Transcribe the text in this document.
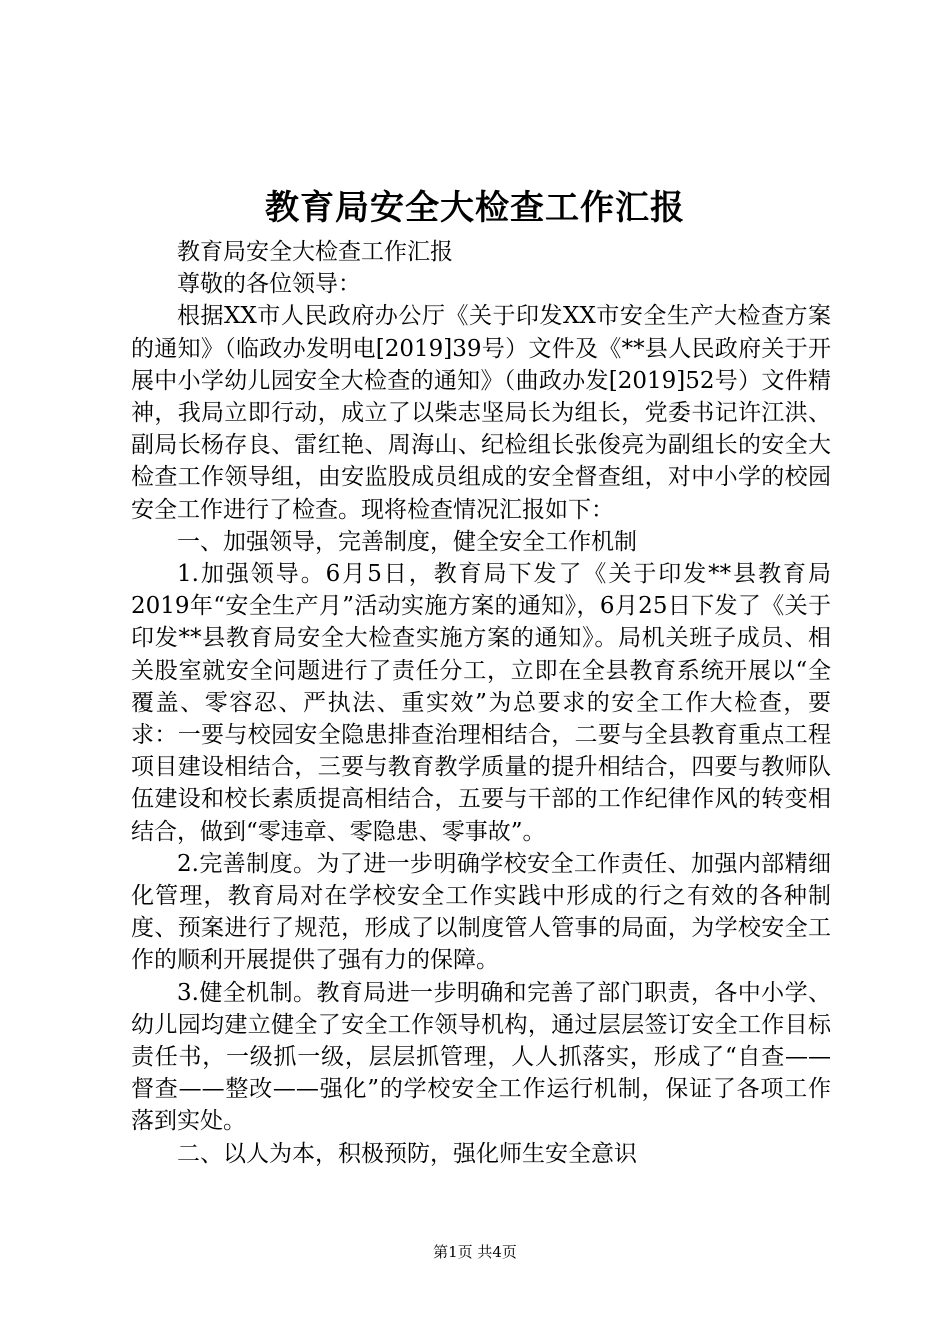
教育局安全大检查工作汇报

教育局安全大检查工作汇报

尊敬的各位领导：

根据XX市人民政府办公厅《关于印发XX市安全生产大检查方案的通知》（临政办发明电[2019]39号）文件及《**县人民政府关于开展中小学幼儿园安全大检查的通知》（曲政办发[2019]52号）文件精神，我局立即行动，成立了以柴志坚局长为组长，党委书记许江洪、副局长杨存良、雷红艳、周海山、纪检组长张俊亮为副组长的安全大检查工作领导组，由安监股成员组成的安全督查组，对中小学的校园安全工作进行了检查。现将检查情况汇报如下：

一、加强领导，完善制度，健全安全工作机制

1.加强领导。6月5日，教育局下发了《关于印发**县教育局2019年“安全生产月”活动实施方案的通知》，6月25日下发了《关于印发**县教育局安全大检查实施方案的通知》。局机关班子成员、相关股室就安全问题进行了责任分工，立即在全县教育系统开展以“全覆盖、零容忍、严执法、重实效”为总要求的安全工作大检查，要求：一要与校园安全隐患排查治理相结合，二要与全县教育重点工程项目建设相结合，三要与教育教学质量的提升相结合，四要与教师队伍建设和校长素质提高相结合，五要与干部的工作纪律作风的转变相结合，做到“零违章、零隐患、零事故”。

2.完善制度。为了进一步明确学校安全工作责任、加强内部精细化管理，教育局对在学校安全工作实践中形成的行之有效的各种制度、预案进行了规范，形成了以制度管人管事的局面，为学校安全工作的顺利开展提供了强有力的保障。

3.健全机制。教育局进一步明确和完善了部门职责，各中小学、幼儿园均建立健全了安全工作领导机构，通过层层签订安全工作目标责任书，一级抓一级，层层抓管理，人人抓落实，形成了“自查——督查——整改——强化”的学校安全工作运行机制，保证了各项工作落到实处。

二、以人为本，积极预防，强化师生安全意识

第1页 共4页
